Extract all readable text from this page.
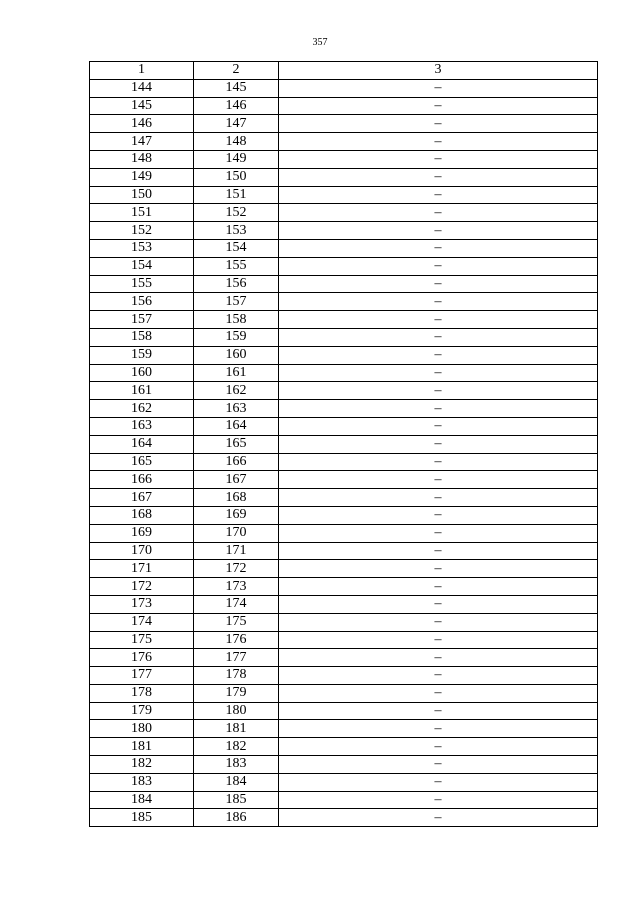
357
1	2	3
144	145	–
145	146	–
146	147	–
147	148	–
148	149	–
149	150	–
150	151	–
151	152	–
152	153	–
153	154	–
154	155	–
155	156	–
156	157	–
157	158	–
158	159	–
159	160	–
160	161	–
161	162	–
162	163	–
163	164	–
164	165	–
165	166	–
166	167	–
167	168	–
168	169	–
169	170	–
170	171	–
171	172	–
172	173	–
173	174	–
174	175	–
175	176	–
176	177	–
177	178	–
178	179	–
179	180	–
180	181	–
181	182	–
182	183	–
183	184	–
184	185	–
185	186	–
